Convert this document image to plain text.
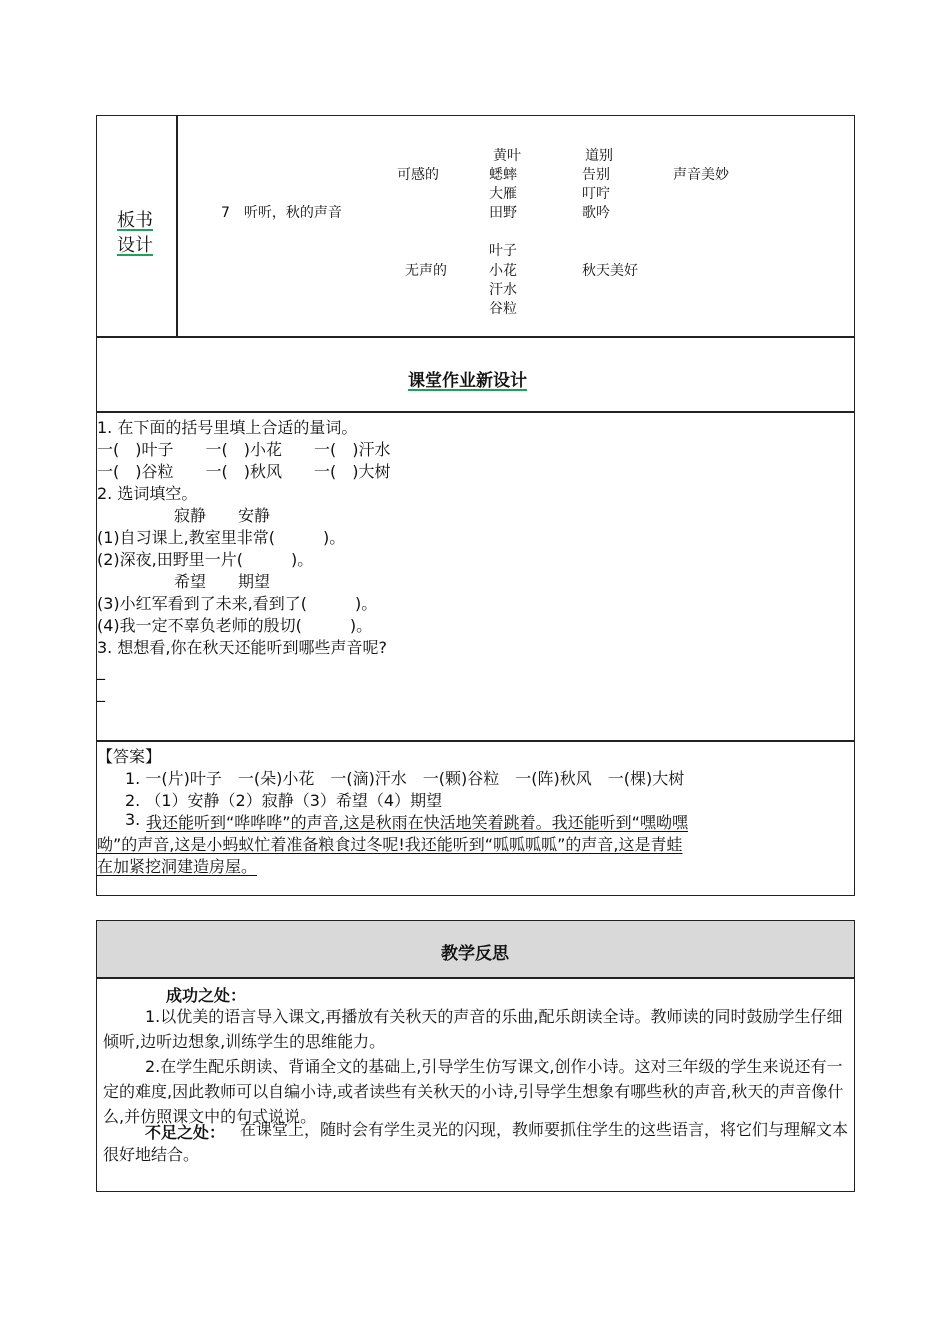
板书
设计
7　听听，秋的声音
可感的
黄叶
蟋蟀
大雁
田野
道别
告别
叮咛
歌吟
声音美妙
无声的
叶子
小花
汗水
谷粒
秋天美好
课堂作业新设计
1. 在下面的括号里填上合适的量词。
一(　)叶子　　一(　)小花　　一(　)汗水
一(　)谷粒　　一(　)秋风　　一(　)大树
2. 选词填空。
寂静　　安静
(1)自习课上,教室里非常(　　　)。
(2)深夜,田野里一片(　　　)。
希望　　期望
(3)小红军看到了未来,看到了(　　　)。
(4)我一定不辜负老师的殷切(　　　)。
3. 想想看,你在秋天还能听到哪些声音呢?
_
_
【答案】
1. 一(片)叶子　一(朵)小花　一(滴)汗水　一(颗)谷粒　一(阵)秋风　一(棵)大树
2. （1）安静（2）寂静（3）希望（4）期望
3. 我还能听到“哗哗哗”的声音,这是秋雨在快活地笑着跳着。我还能听到“嘿呦嘿
呦”的声音,这是小蚂蚁忙着准备粮食过冬呢!我还能听到“呱呱呱呱”的声音,这是青蛙
在加紧挖洞建造房屋。
教学反思
成功之处：
1.以优美的语言导入课文,再播放有关秋天的声音的乐曲,配乐朗读全诗。教师读的同时鼓励学生仔细倾听,边听边想象,训练学生的思维能力。
2.在学生配乐朗读、背诵全文的基础上,引导学生仿写课文,创作小诗。这对三年级的学生来说还有一定的难度,因此教师可以自编小诗,或者读些有关秋天的小诗,引导学生想象有哪些秋的声音,秋天的声音像什么,并仿照课文中的句式说说。
不足之处： 在课堂上，随时会有学生灵光的闪现，教师要抓住学生的这些语言，将它们与理解文本很好地结合。
